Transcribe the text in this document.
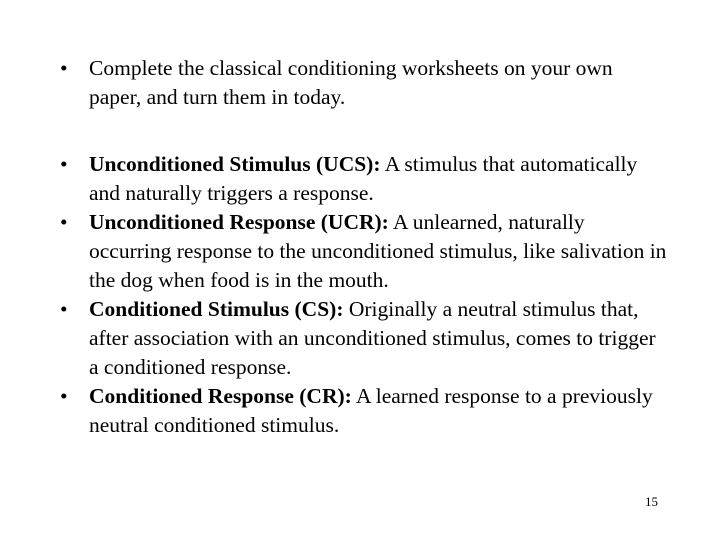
• Complete the classical conditioning worksheets on your own paper, and turn them in today.
• Unconditioned Stimulus (UCS): A stimulus that automatically and naturally triggers a response.
• Unconditioned Response (UCR): A unlearned, naturally occurring response to the unconditioned stimulus, like salivation in the dog when food is in the mouth.
• Conditioned Stimulus (CS): Originally a neutral stimulus that, after association with an unconditioned stimulus, comes to trigger a conditioned response.
• Conditioned Response (CR): A learned response to a previously neutral conditioned stimulus.
15
